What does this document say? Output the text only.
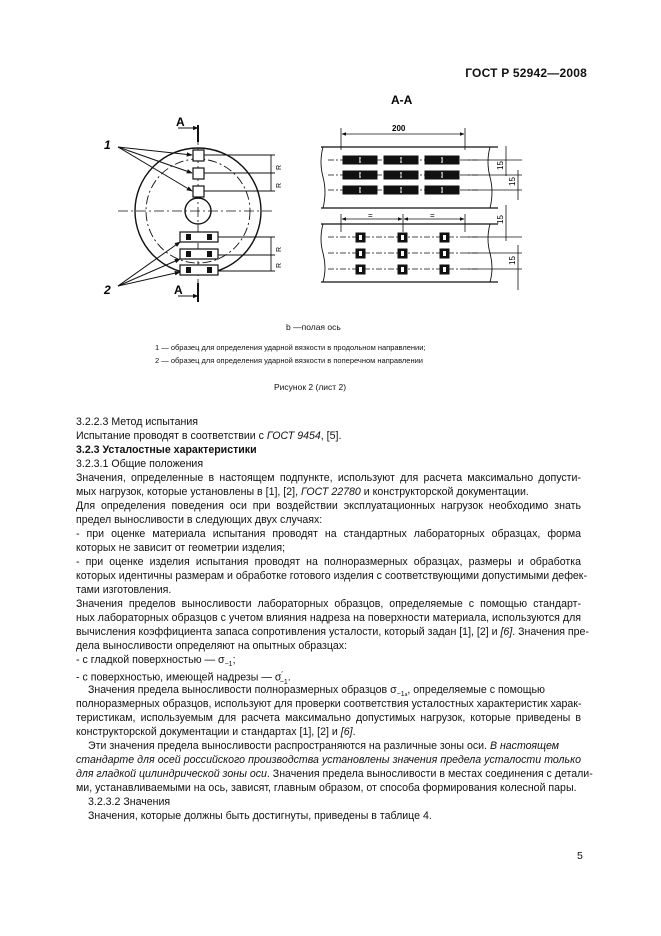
ГОСТ Р 52942—2008
A
A
R
R
R
R
1
2
A-A
200
=	=
15
15
15
15
b —полая ось
1 — образец для определения ударной вязкости в продольном направлении;
2 — образец для определения ударной вязкости в поперечном направлении
Рисунок 2 (лист 2)
3.2.2.3 Метод испытания
Испытание проводят в соответствии с ГОСТ 9454, [5].
3.2.3 Усталостные характеристики
3.2.3.1 Общие положения
Значения, определенные в настоящем подпункте, используют для расчета максимально допусти-
мых нагрузок, которые установлены в [1], [2], ГОСТ 22780 и конструкторской документации.
Для определения поведения оси при воздействии эксплуатационных нагрузок необходимо знать
предел выносливости в следующих двух случаях:
- при оценке материала испытания проводят на стандартных лабораторных образцах, форма
которых не зависит от геометрии изделия;
- при оценке изделия испытания проводят на полноразмерных образцах, размеры и обработка
которых идентичны размерам и обработке готового изделия с соответствующими допустимыми дефек-
тами изготовления.
Значения пределов выносливости лабораторных образцов, определяемые с помощью стандарт-
ных лабораторных образцов с учетом влияния надреза на поверхности материала, используются для
вычисления коэффициента запаса сопротивления усталости, который задан [1], [2] и [6]. Значения пре-
дела выносливости определяют на опытных образцах:
- с гладкой поверхностью — $\sigma_{-1}$;
- с поверхностью, имеющей надрезы — $\sigma'_{-1}$.
Значения предела выносливости полноразмерных образцов $\sigma_{-1a}$, определяемые с помощью
полноразмерных образцов, используют для проверки соответствия усталостных характеристик харак-
теристикам, используемым для расчета максимально допустимых нагрузок, которые приведены в
конструкторской документации и стандартах [1], [2] и [6].
Эти значения предела выносливости распространяются на различные зоны оси. В настоящем
стандарте для осей российского производства установлены значения предела усталости только
для гладкой цилиндрической зоны оси. Значения предела выносливости в местах соединения с детали-
ми, устанавливаемыми на ось, зависят, главным образом, от способа формирования колесной пары.
3.2.3.2 Значения
Значения, которые должны быть достигнуты, приведены в таблице 4.
5
